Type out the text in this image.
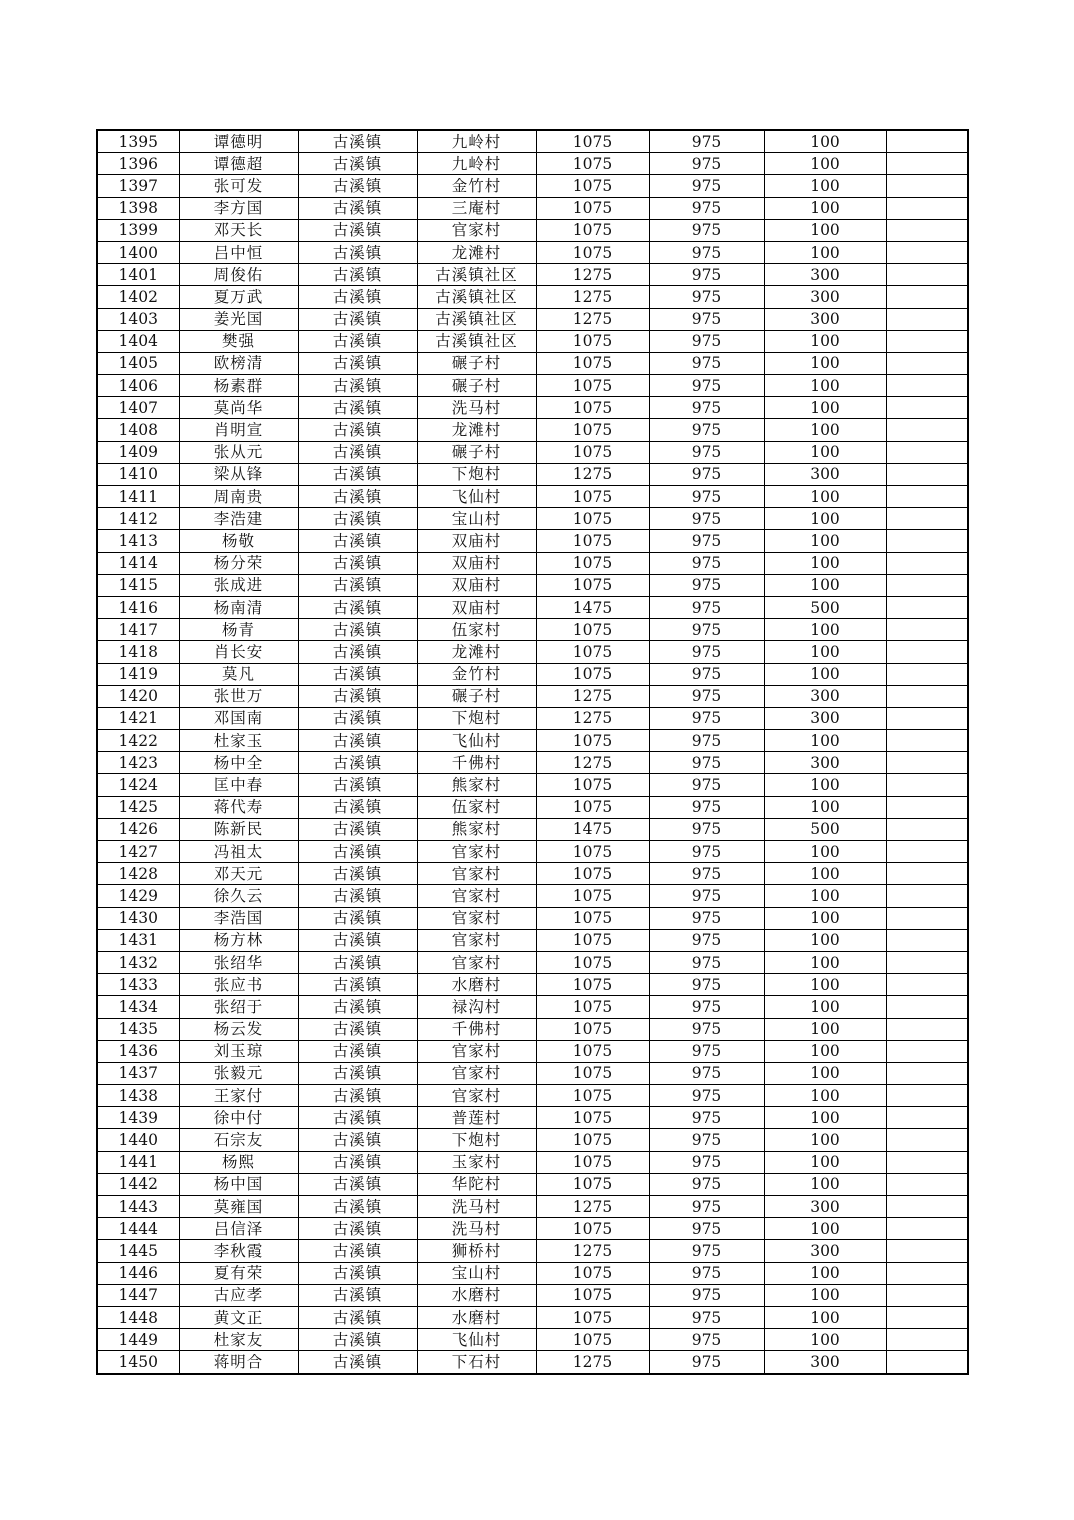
1395	谭德明	古溪镇	九岭村	1075	975	100	
1396	谭德超	古溪镇	九岭村	1075	975	100	
1397	张可发	古溪镇	金竹村	1075	975	100	
1398	李方国	古溪镇	三庵村	1075	975	100	
1399	邓天长	古溪镇	官家村	1075	975	100	
1400	吕中恒	古溪镇	龙滩村	1075	975	100	
1401	周俊佑	古溪镇	古溪镇社区	1275	975	300	
1402	夏万武	古溪镇	古溪镇社区	1275	975	300	
1403	姜光国	古溪镇	古溪镇社区	1275	975	300	
1404	樊强	古溪镇	古溪镇社区	1075	975	100	
1405	欧榜清	古溪镇	碾子村	1075	975	100	
1406	杨素群	古溪镇	碾子村	1075	975	100	
1407	莫尚华	古溪镇	洗马村	1075	975	100	
1408	肖明宣	古溪镇	龙滩村	1075	975	100	
1409	张从元	古溪镇	碾子村	1075	975	100	
1410	梁从锋	古溪镇	下炮村	1275	975	300	
1411	周南贵	古溪镇	飞仙村	1075	975	100	
1412	李浩建	古溪镇	宝山村	1075	975	100	
1413	杨敬	古溪镇	双庙村	1075	975	100	
1414	杨分荣	古溪镇	双庙村	1075	975	100	
1415	张成进	古溪镇	双庙村	1075	975	100	
1416	杨南清	古溪镇	双庙村	1475	975	500	
1417	杨青	古溪镇	伍家村	1075	975	100	
1418	肖长安	古溪镇	龙滩村	1075	975	100	
1419	莫凡	古溪镇	金竹村	1075	975	100	
1420	张世万	古溪镇	碾子村	1275	975	300	
1421	邓国南	古溪镇	下炮村	1275	975	300	
1422	杜家玉	古溪镇	飞仙村	1075	975	100	
1423	杨中全	古溪镇	千佛村	1275	975	300	
1424	匡中春	古溪镇	熊家村	1075	975	100	
1425	蒋代寿	古溪镇	伍家村	1075	975	100	
1426	陈新民	古溪镇	熊家村	1475	975	500	
1427	冯祖太	古溪镇	官家村	1075	975	100	
1428	邓天元	古溪镇	官家村	1075	975	100	
1429	徐久云	古溪镇	官家村	1075	975	100	
1430	李浩国	古溪镇	官家村	1075	975	100	
1431	杨方林	古溪镇	官家村	1075	975	100	
1432	张绍华	古溪镇	官家村	1075	975	100	
1433	张应书	古溪镇	水磨村	1075	975	100	
1434	张绍于	古溪镇	禄沟村	1075	975	100	
1435	杨云发	古溪镇	千佛村	1075	975	100	
1436	刘玉琼	古溪镇	官家村	1075	975	100	
1437	张毅元	古溪镇	官家村	1075	975	100	
1438	王家付	古溪镇	官家村	1075	975	100	
1439	徐中付	古溪镇	普莲村	1075	975	100	
1440	石宗友	古溪镇	下炮村	1075	975	100	
1441	杨熙	古溪镇	玉家村	1075	975	100	
1442	杨中国	古溪镇	华陀村	1075	975	100	
1443	莫雍国	古溪镇	洗马村	1275	975	300	
1444	吕信泽	古溪镇	洗马村	1075	975	100	
1445	李秋霞	古溪镇	狮桥村	1275	975	300	
1446	夏有荣	古溪镇	宝山村	1075	975	100	
1447	古应孝	古溪镇	水磨村	1075	975	100	
1448	黄文正	古溪镇	水磨村	1075	975	100	
1449	杜家友	古溪镇	飞仙村	1075	975	100	
1450	蒋明合	古溪镇	下石村	1275	975	300	
